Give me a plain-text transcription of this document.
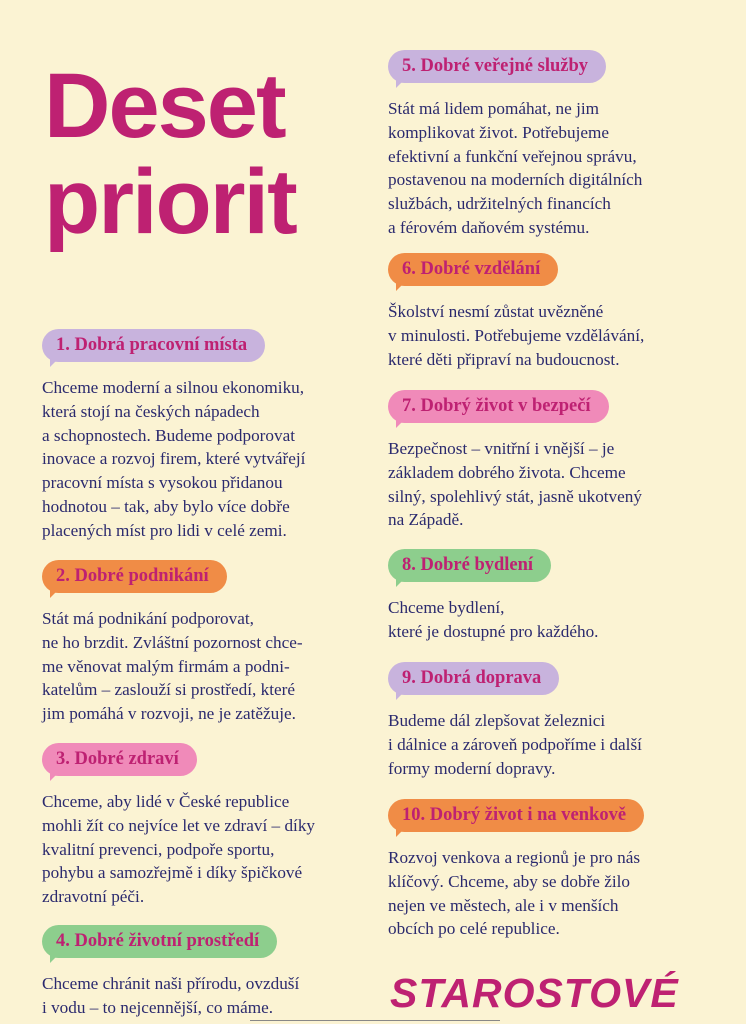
Deset
priorit
1. Dobrá pracovní místa

Chceme moderní a silnou ekonomiku,
která stojí na českých nápadech
a schopnostech. Budeme podporovat
inovace a rozvoj firem, které vytvářejí
pracovní místa s vysokou přidanou
hodnotou – tak, aby bylo více dobře
placených míst pro lidi v celé zemi.

2. Dobré podnikání

Stát má podnikání podporovat,
ne ho brzdit. Zvláštní pozornost chce-
me věnovat malým firmám a podni-
katelům – zaslouží si prostředí, které
jim pomáhá v rozvoji, ne je zatěžuje.

3. Dobré zdraví

Chceme, aby lidé v České republice
mohli žít co nejvíce let ve zdraví – díky
kvalitní prevenci, podpoře sportu,
pohybu a samozřejmě i díky špičkové
zdravotní péči.

4. Dobré životní prostředí

Chceme chránit naši přírodu, ovzduší
i vodu – to nejcennější, co máme.

5. Dobré veřejné služby

Stát má lidem pomáhat, ne jim
komplikovat život. Potřebujeme
efektivní a funkční veřejnou správu,
postavenou na moderních digitálních
službách, udržitelných financích
a férovém daňovém systému.

6. Dobré vzdělání

Školství nesmí zůstat uvězněné
v minulosti. Potřebujeme vzdělávání,
které děti připraví na budoucnost.

7. Dobrý život v bezpečí

Bezpečnost – vnitřní i vnější – je
základem dobrého života. Chceme
silný, spolehlivý stát, jasně ukotvený
na Západě.

8. Dobré bydlení

Chceme bydlení,
které je dostupné pro každého.

9. Dobrá doprava

Budeme dál zlepšovat železnici
i dálnice a zároveň podpoříme i další
formy moderní dopravy.

10. Dobrý život i na venkově

Rozvoj venkova a regionů je pro nás
klíčový. Chceme, aby se dobře žilo
nejen ve městech, ale i v menších
obcích po celé republice.

STAROSTOVÉ
